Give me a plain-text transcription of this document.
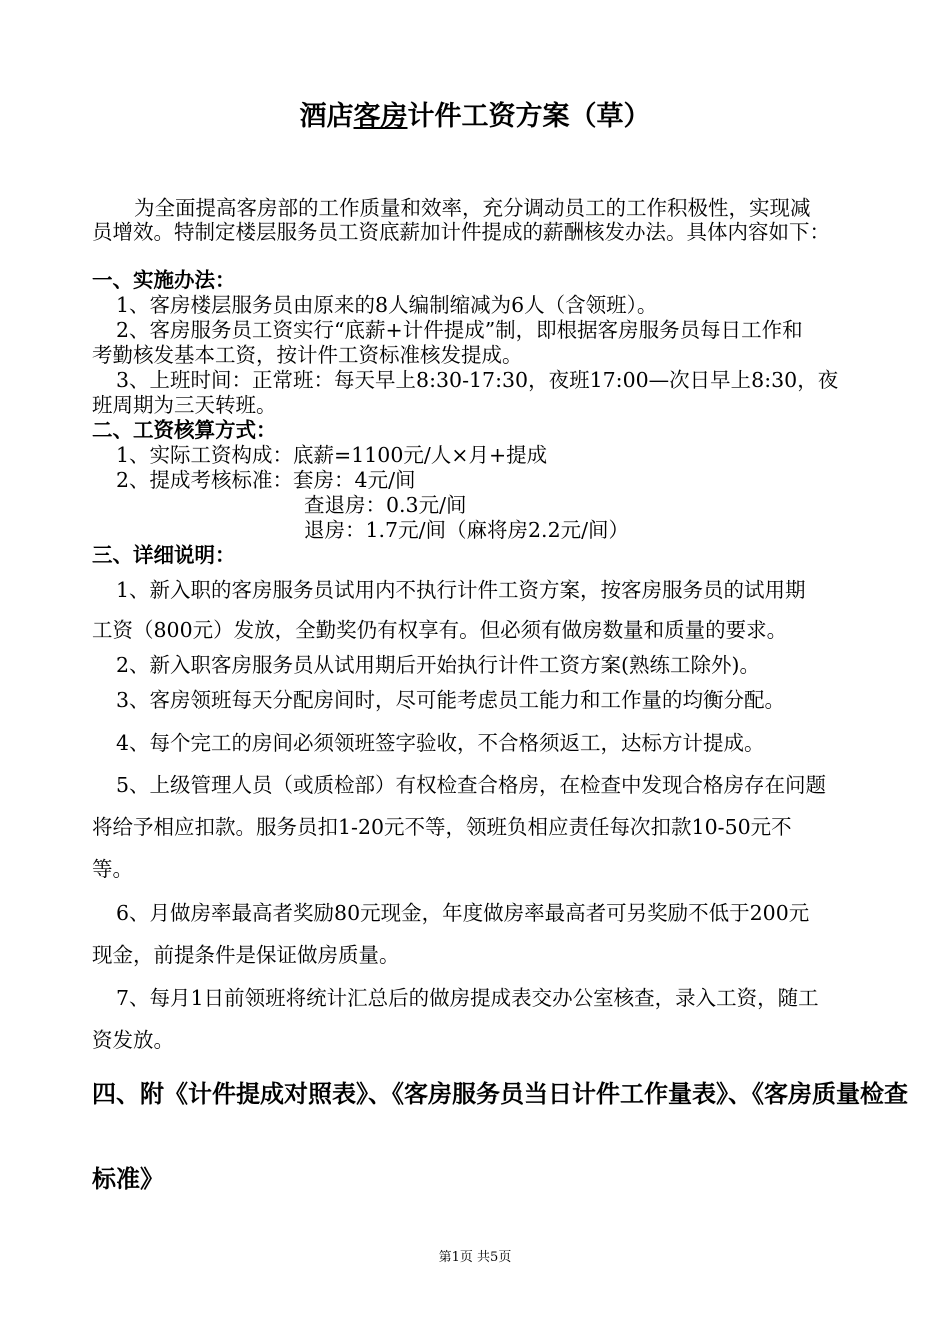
酒店客房计件工资方案（草）
为全面提高客房部的工作质量和效率，充分调动员工的工作积极性，实现减
员增效。特制定楼层服务员工资底薪加计件提成的薪酬核发办法。具体内容如下：
一、实施办法：
1、客房楼层服务员由原来的8人编制缩减为6人（含领班）。
2、客房服务员工资实行“底薪+计件提成”制，即根据客房服务员每日工作和
考勤核发基本工资，按计件工资标准核发提成。
3、上班时间：正常班：每天早上8:30-17:30，夜班17:00—次日早上8:30，夜
班周期为三天转班。
二、工资核算方式：
1、实际工资构成：底薪=1100元/人×月+提成
2、提成考核标准：套房：4元/间
查退房：0.3元/间
退房：1.7元/间（麻将房2.2元/间）
三、详细说明：
1、新入职的客房服务员试用内不执行计件工资方案，按客房服务员的试用期
工资（800元）发放，全勤奖仍有权享有。但必须有做房数量和质量的要求。
2、新入职客房服务员从试用期后开始执行计件工资方案(熟练工除外)。
3、客房领班每天分配房间时，尽可能考虑员工能力和工作量的均衡分配。
4、每个完工的房间必须领班签字验收，不合格须返工，达标方计提成。
5、上级管理人员（或质检部）有权检查合格房，在检查中发现合格房存在问题
将给予相应扣款。服务员扣1-20元不等，领班负相应责任每次扣款10-50元不
等。
6、月做房率最高者奖励80元现金，年度做房率最高者可另奖励不低于200元
现金，前提条件是保证做房质量。
7、每月1日前领班将统计汇总后的做房提成表交办公室核查，录入工资，随工
资发放。
四、附《计件提成对照表》、《客房服务员当日计件工作量表》、《客房质量检查
标准》
第1页 共5页
